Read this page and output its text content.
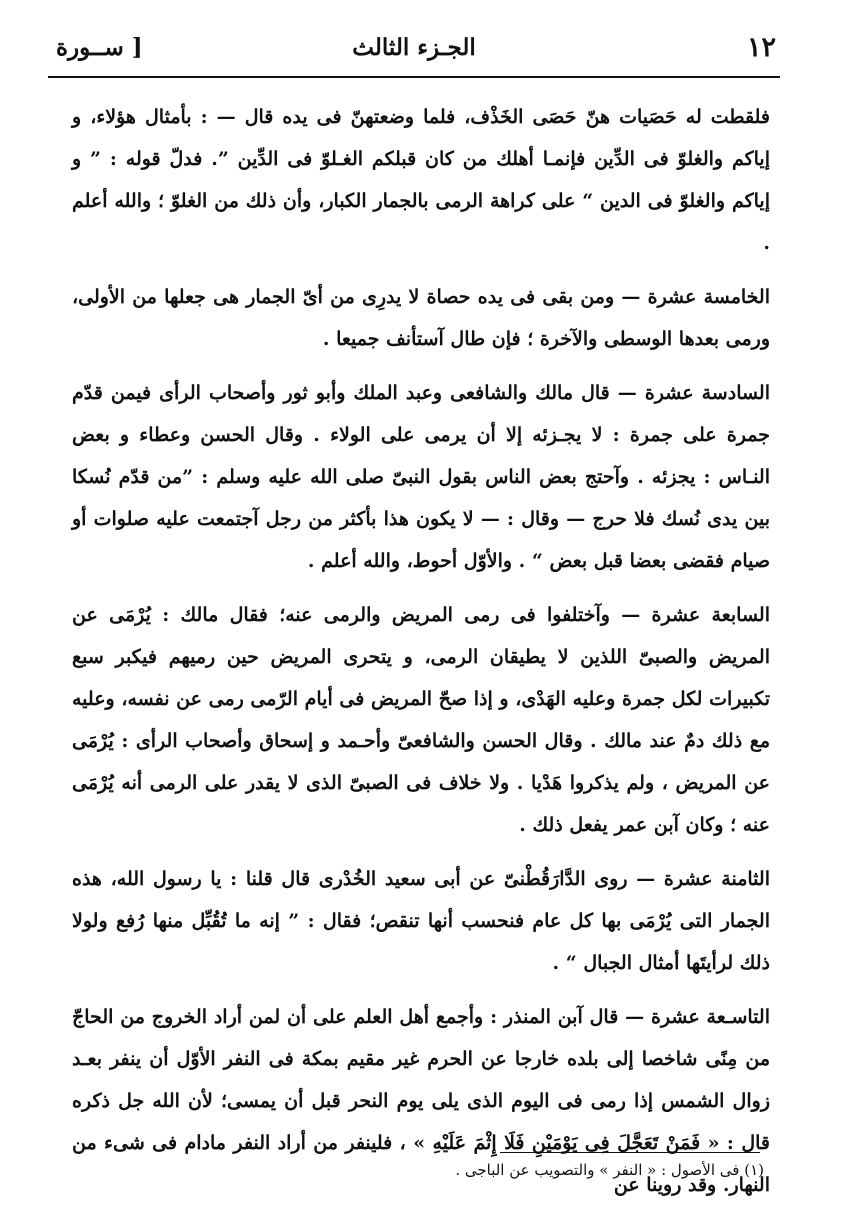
١٢
الجـزء الثالث
[ ســورة

فلقطت له حَصَيات هنّ حَصَى الخَذْف، فلما وضعتهنّ فى يده قال — : بأمثال هؤلاء، و إياكم والغلوّ فى الدِّين فإنمـا أهلك من كان قبلكم الغـلوّ فى الدِّين ”. فدلّ قوله : ” و إياكم والغلوّ فى الدين “ على كراهة الرمى بالجمار الكبار، وأن ذلك من الغلوّ ؛ والله أعلم .

الخامسة عشرة — ومن بقى فى يده حصاة لا يدرِى من أىّ الجمار هى جعلها من الأولى، ورمى بعدها الوسطى والآخرة ؛ فإن طال آستأنف جميعا .

السادسة عشرة — قال مالك والشافعى وعبد الملك وأبو ثور وأصحاب الرأى فيمن قدّم جمرة على جمرة : لا يجـزئه إلا أن يرمى على الولاء . وقال الحسن وعطاء و بعض النـاس : يجزئه . وآحتج بعض الناس بقول النبىّ صلى الله عليه وسلم : ”من قدّم نُسكا بين يدى نُسك فلا حرج — وقال : — لا يكون هذا بأكثر من رجل آجتمعت عليه صلوات أو صيام فقضى بعضا قبل بعض “ . والأوّل أحوط، والله أعلم .

السابعة عشرة — وآختلفوا فى رمى المريض والرمى عنه؛ فقال مالك : يُرْمَى عن المريض والصبىّ اللذين لا يطيقان الرمى، و يتحرى المريض حين رميهم فيكبر سبع تكبيرات لكل جمرة وعليه الهَدْى، و إذا صحّ المريض فى أيام الرّمى رمى عن نفسه، وعليه مع ذلك دمٌ عند مالك . وقال الحسن والشافعىّ وأحـمد و إسحاق وأصحاب الرأى : يُرْمَى عن المريض ، ولم يذكروا هَدْيا . ولا خلاف فى الصبىّ الذى لا يقدر على الرمى أنه يُرْمَى عنه ؛ وكان آبن عمر يفعل ذلك .

الثامنة عشرة — روى الدَّارَقُطْنىّ عن أبى سعيد الخُدْرى قال قلنا : يا رسول الله، هذه الجمار التى يُرْمَى بها كل عام فنحسب أنها تنقص؛ فقال : ” إنه ما تُقُبِّل منها رُفع ولولا ذلك لرأيتَها أمثال الجبال “ .

التاسـعة عشرة — قال آبن المنذر : وأجمع أهل العلم على أن لمن أراد الخروج من الحاجّ من مِنًى شاخصا إلى بلده خارجا عن الحرم غير مقيم بمكة فى النفر الأوّل أن ينفر بعـد زوال الشمس إذا رمى فى اليوم الذى يلى يوم النحر قبل أن يمسى؛ لأن الله جل ذكره قال : « فَمَنْ تَعَجَّلَ فِى يَوْمَيْنِ فَلَا إِثْمَ عَلَيْهِ » ، فلينفر من أراد النفر مادام فى شىء من النهار. وقد روينا عن

(١) فى الأصول : « النفر » والتصويب عن الباجى .
